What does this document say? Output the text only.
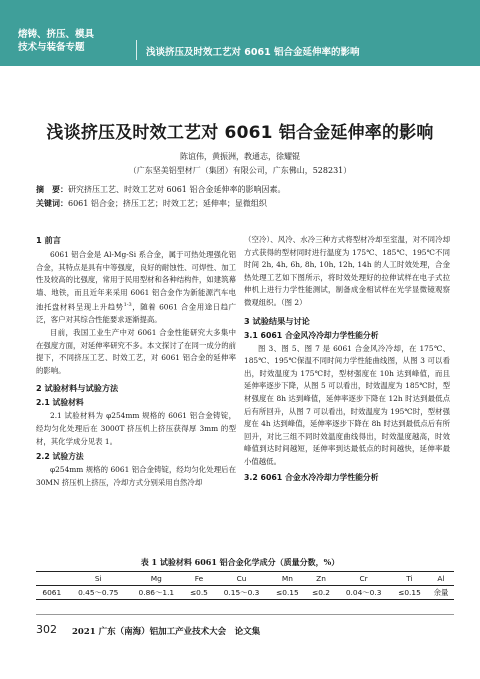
熔铸、挤压、模具
技术与装备专题	浅谈挤压及时效工艺对 6061 铝合金延伸率的影响
浅谈挤压及时效工艺对 6061 铝合金延伸率的影响
陈谊伟，黄振洲，教通志，徐耀锟
（广东坚美铝型材厂（集团）有限公司，广东佛山，528231）
摘　要：研究挤压工艺、时效工艺对 6061 铝合金延伸率的影响因素。
关键词：6061 铝合金；挤压工艺；时效工艺；延伸率；显微组织
1 前言

6061 铝合金是 Al-Mg-Si 系合金，属于可热处理强化铝合金，其特点是具有中等强度，良好的耐蚀性、可焊性、加工性及较高的比强度，常用于民用型材和各种结构件，如建筑幕墙、地铁，而且近年来采用 6061 铝合金作为新能源汽车电池托盘材料呈现上升趋势$^{1-3}$，随着 6061 合金用途日趋广泛，客户对其综合性能要求逐渐提高。

目前，我国工业生产中对 6061 合金性能研究大多集中在强度方面，对延伸率研究不多。本文探讨了在同一成分的前提下，不同挤压工艺、时效工艺，对 6061 铝合金的延伸率的影响。

2 试验材料与试验方法
2.1 试验材料

2.1 试验材料为 φ254mm 规格的 6061 铝合金铸锭，经均匀化处理后在 3000T 挤压机上挤压获得厚 3mm 的型材，其化学成分见表 1。

2.2 试验方法

φ254mm 规格的 6061 铝合金铸锭，经均匀化处理后在 30MN 挤压机上挤压，冷却方式分别采用自然冷却

（空冷）、风冷、水冷三种方式将型材冷却至室温，对不同冷却方式获得的型材同时进行温度为 175℃、185℃、195℃不同时间 2h, 4h, 6h, 8h, 10h, 12h, 14h 的人工时效处理，合金热处理工艺如下图所示，将时效处理好的拉伸试样在电子式拉伸机上进行力学性能测试，制备成金相试样在光学显微镜观察微观组织。（图 2）

3 试验结果与讨论
3.1 6061 合金风冷冷却力学性能分析

图 3、图 5、图 7 是 6061 合金风冷冷却，在 175℃、185℃、195℃保温不同时间力学性能曲线图，从图 3 可以看出，时效温度为 175℃时，型材强度在 10h 达到峰值，而且延伸率逐步下降，从图 5 可以看出，时效温度为 185℃时，型材强度在 8h 达到峰值，延伸率逐步下降在 12h 时达到最低点后有所回升，从图 7 可以看出，时效温度为 195℃时，型材强度在 4h 达到峰值，延伸率逐步下降在 8h 时达到最低点后有所回升，对比三组不同时效温度曲线得出，时效温度越高，时效峰值到达时间越短，延伸率到达最低点的时间越快，延伸率最小值越低。

3.2 6061 合金水冷冷却力学性能分析
表 1 试验材料 6061 铝合金化学成分（质量分数，%）
	Si	Mg	Fe	Cu	Mn	Zn	Cr	Ti	Al
6061	0.45～0.75	0.86～1.1	≤0.5	0.15～0.3	≤0.15	≤0.2	0.04～0.3	≤0.15	余量
302 2021 广东（南海）铝加工产业技术大会　论文集
